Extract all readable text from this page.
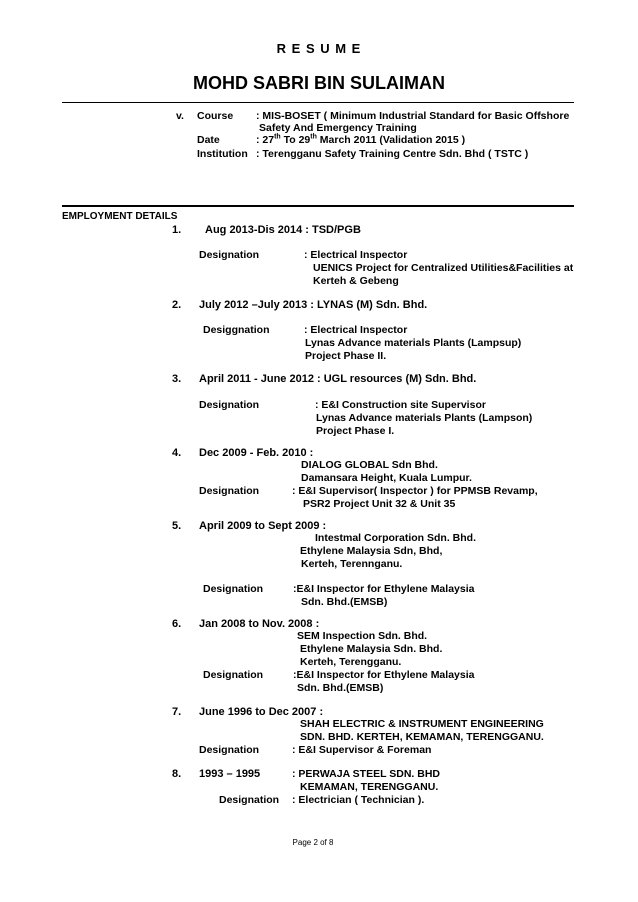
R E S U M E
MOHD SABRI BIN SULAIMAN
v. Course : MIS-BOSET ( Minimum Industrial Standard for Basic Offshore
Safety And Emergency Training
Date	: 27th To 29th March 2011 (Validation 2015 )
Institution : Terengganu Safety Training Centre Sdn. Bhd ( TSTC )
EMPLOYMENT DETAILS
1. Aug 2013-Dis 2014 : TSD/PGB
Designation	: Electrical Inspector
UENICS Project for Centralized Utilities&Facilities at
Kerteh & Gebeng
2. July 2012 –July 2013 : LYNAS (M) Sdn. Bhd.
Desiggnation	: Electrical Inspector
Lynas Advance materials Plants (Lampsup)
Project Phase II.
3. April 2011 - June 2012 : UGL resources (M) Sdn. Bhd.
Designation	: E&I Construction site Supervisor
Lynas Advance materials Plants (Lampson)
Project Phase I.
4. Dec 2009 - Feb. 2010 :
DIALOG GLOBAL Sdn Bhd.
Damansara Height, Kuala Lumpur.
Designation	: E&I Supervisor( Inspector ) for PPMSB Revamp,
PSR2 Project Unit 32 & Unit 35
5. April 2009 to Sept 2009 :
Intestmal Corporation Sdn. Bhd.
Ethylene Malaysia Sdn, Bhd,
Kerteh, Terennganu.
Designation	:E&I Inspector for Ethylene Malaysia
Sdn. Bhd.(EMSB)
6. Jan 2008 to Nov. 2008 :
SEM Inspection Sdn. Bhd.
Ethylene Malaysia Sdn. Bhd.
Kerteh, Terengganu.
Designation	:E&I Inspector for Ethylene Malaysia
Sdn. Bhd.(EMSB)
7. June 1996 to Dec 2007 :
SHAH ELECTRIC & INSTRUMENT ENGINEERING
SDN. BHD. KERTEH, KEMAMAN, TERENGGANU.
Designation	: E&I Supervisor & Foreman
8. 1993 – 1995	: PERWAJA STEEL SDN. BHD
KEMAMAN, TERENGGANU.
Designation : Electrician ( Technician ).
Page 2 of 8
